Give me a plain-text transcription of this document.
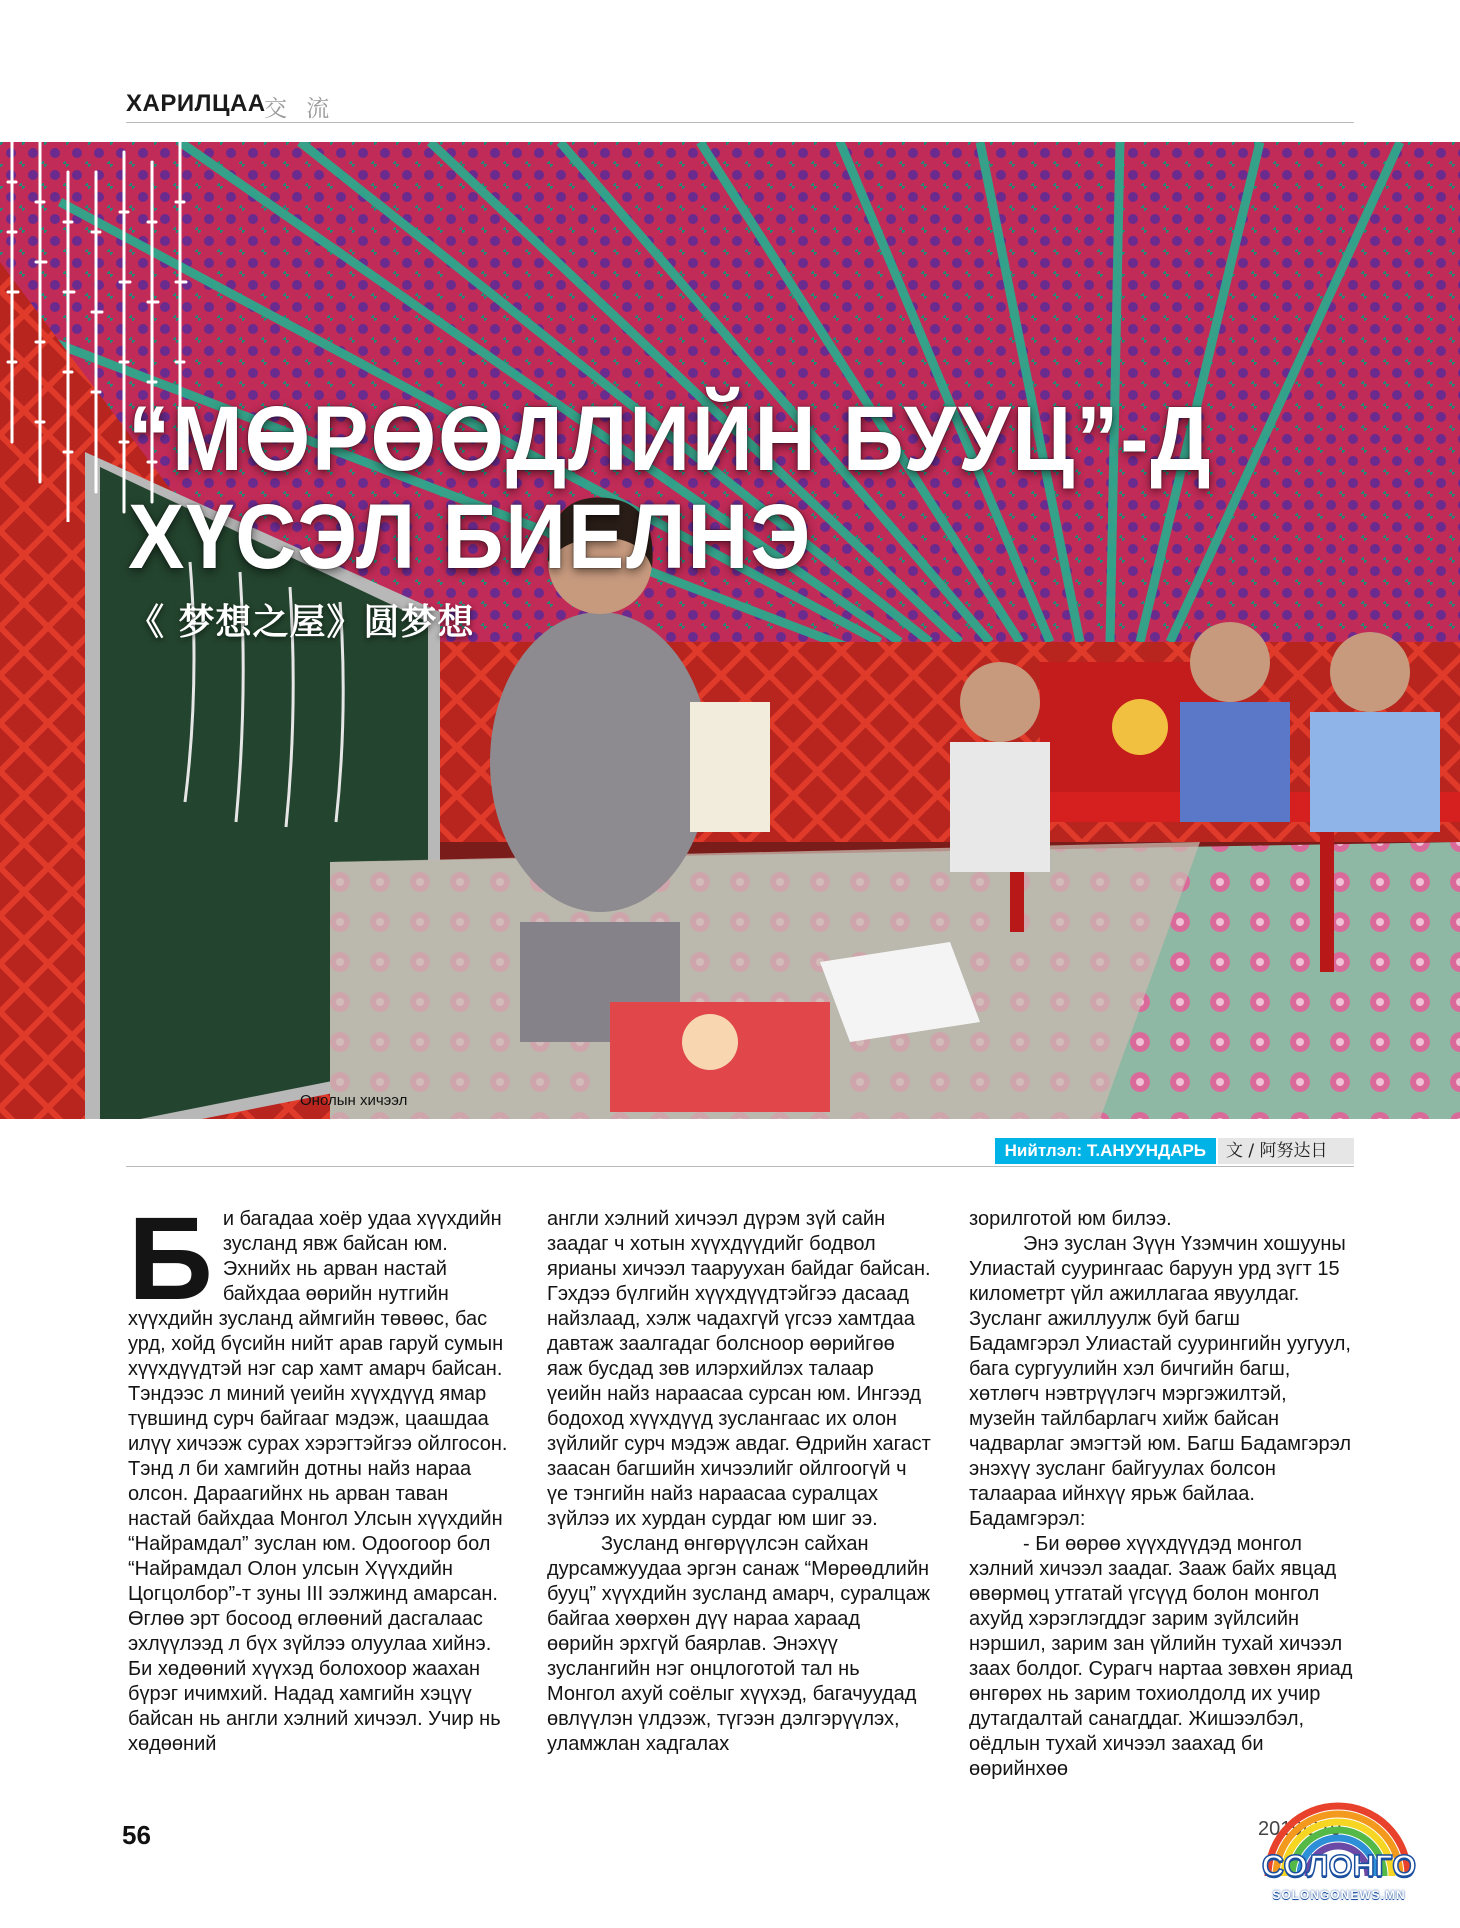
ХАРИЛЦАА
交 流
“МӨРӨӨДЛИЙН БУУЦ”-Д
ХҮСЭЛ БИЕЛНЭ
《 梦想之屋》圆梦想
Онолын хичээл
Нийтлэл: Т.АНУУНДАРЬ	文 / 阿努达日
Б и багадаа хоёр удаа хүүхдийн зусланд явж байсан юм. Эхнийх нь арван настай байхдаа өөрийн нутгийн хүүхдийн зусланд аймгийн төвөөс, бас урд, хойд бүсийн нийт арав гаруй сумын хүүхдүүдтэй нэг сар хамт амарч байсан. Тэндээс л миний үеийн хүүхдүүд ямар түвшинд сурч байгааг мэдэж, цаашдаа илүү хичээж сурах хэрэгтэйгээ ойлгосон. Тэнд л би хамгийн дотны найз нараа олсон. Дараагийнх нь арван таван настай байхдаа Монгол Улсын хүүхдийн “Найрамдал” зуслан юм. Одоогоор бол “Найрамдал Олон улсын Хүүхдийн Цогцолбор”-т зуны III ээлжинд амарсан. Өглөө эрт босоод өглөөний дасгалаас эхлүүлээд л бүх зүйлээ олуулаа хийнэ. Би хөдөөний хүүхэд болохоор жаахан бүрэг ичимхий. Надад хамгийн хэцүү байсан нь англи хэлний хичээл. Учир нь хөдөөний

англи хэлний хичээл дүрэм зүй сайн заадаг ч хотын хүүхдүүдийг бодвол ярианы хичээл тааруухан байдаг байсан. Гэхдээ бүлгийн хүүхдүүдтэйгээ дасаад найзлаад, хэлж чадахгүй үгсээ хамтдаа давтаж заалгадаг болсноор өөрийгөө яаж бусдад зөв илэрхийлэх талаар үеийн найз нараасаа сурсан юм. Ингээд бодоход хүүхдүүд зуслангаас их олон зүйлийг сурч мэдэж авдаг. Өдрийн хагаст заасан багшийн хичээлийг ойлгоогүй ч үе тэнгийн найз нараасаа суралцах зүйлээ их хурдан сурдаг юм шиг ээ.

Зусланд өнгөрүүлсэн сайхан дурсамжуудаа эргэн санаж “Мөрөөдлийн бууц” хүүхдийн зусланд амарч, суралцаж байгаа хөөрхөн дүү нараа хараад өөрийн эрхгүй баярлав. Энэхүү зуслангийн нэг онцлоготой тал нь Монгол ахуй соёлыг хүүхэд, багачуудад өвлүүлэн үлдээж, түгээн дэлгэрүүлэх, уламжлан хадгалах

зорилготой юм билээ.

Энэ зуслан Зүүн Үзэмчин хошууны Улиастай суурингаас баруун урд зүгт 15 километрт үйл ажиллагаа явуулдаг. Зусланг ажиллуулж буй багш Бадамгэрэл Улиастай суурингийн уугуул, бага сургуулийн хэл бичгийн багш, хөтлөгч нэвтрүүлэгч мэргэжилтэй, музейн тайлбарлагч хийж байсан чадварлаг эмэгтэй юм. Багш Бадамгэрэл энэхүү зусланг байгуулах болсон талаараа ийнхүү ярьж байлаа.

Бадамгэрэл:

- Би өөрөө хүүхдүүдэд монгол хэлний хичээл заадаг. Зааж байх явцад өвөрмөц утгатай үгсүүд болон монгол ахуйд хэрэглэгддэг зарим зүйлсийн нэршил, зарим зан үйлийн тухай хичээл заах болдог. Сурагч нартаа зөвхөн яриад өнгөрөх нь зарим тохиолдолд их учир дутагдалтай санагддаг. Жишээлбэл, оёдлын тухай хичээл заахад би өөрийнхөө

56	2019/279
СОЛОНГО
SOLONGONEWS.MN
